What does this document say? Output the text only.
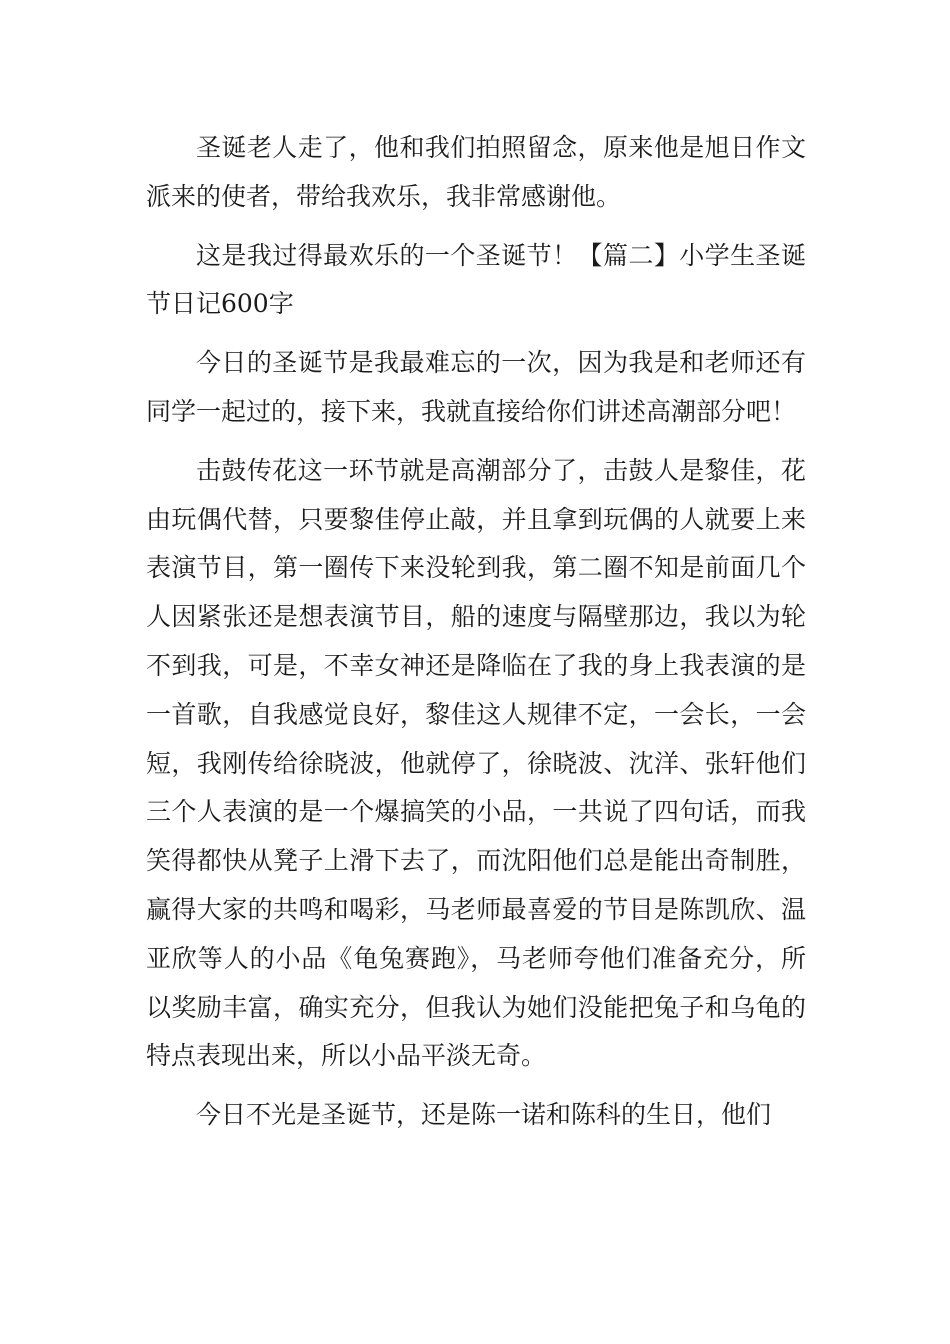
圣诞老人走了，他和我们拍照留念，原来他是旭日作文派来的使者，带给我欢乐，我非常感谢他。

这是我过得最欢乐的一个圣诞节！【篇二】小学生圣诞节日记600字

今日的圣诞节是我最难忘的一次，因为我是和老师还有同学一起过的，接下来，我就直接给你们讲述高潮部分吧！

击鼓传花这一环节就是高潮部分了，击鼓人是黎佳，花由玩偶代替，只要黎佳停止敲，并且拿到玩偶的人就要上来表演节目，第一圈传下来没轮到我，第二圈不知是前面几个人因紧张还是想表演节目，船的速度与隔壁那边，我以为轮不到我，可是，不幸女神还是降临在了我的身上我表演的是一首歌，自我感觉良好，黎佳这人规律不定，一会长，一会短，我刚传给徐晓波，他就停了，徐晓波、沈洋、张轩他们三个人表演的是一个爆搞笑的小品，一共说了四句话，而我笑得都快从凳子上滑下去了，而沈阳他们总是能出奇制胜，赢得大家的共鸣和喝彩，马老师最喜爱的节目是陈凯欣、温亚欣等人的小品《龟兔赛跑》，马老师夸他们准备充分，所以奖励丰富，确实充分，但我认为她们没能把兔子和乌龟的特点表现出来，所以小品平淡无奇。

今日不光是圣诞节，还是陈一诺和陈科的生日，他们
